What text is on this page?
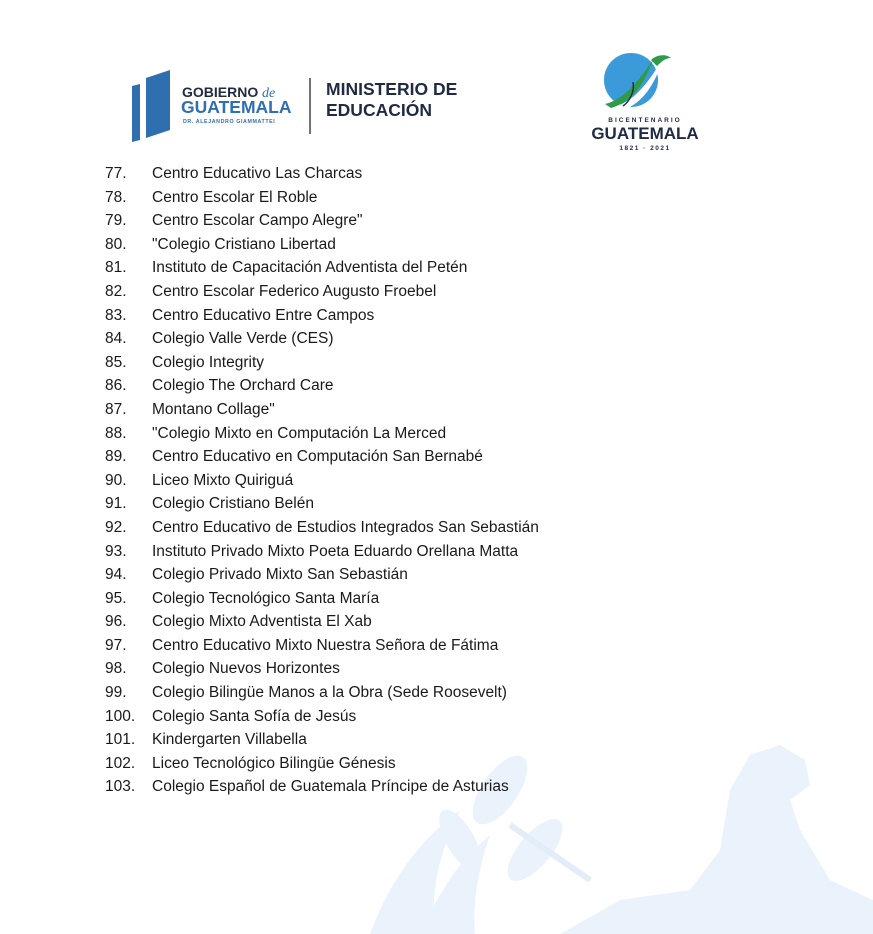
GOBIERNO de
GUATEMALA
DR. ALEJANDRO GIAMMATTEI
MINISTERIO DE
EDUCACIÓN
BICENTENARIO
GUATEMALA
1821 · 2021
77. Centro Educativo Las Charcas
78. Centro Escolar El Roble
79. Centro Escolar Campo Alegre"
80. "Colegio Cristiano Libertad
81. Instituto de Capacitación Adventista del Petén
82. Centro Escolar Federico Augusto Froebel
83. Centro Educativo Entre Campos
84. Colegio Valle Verde (CES)
85. Colegio Integrity
86. Colegio The Orchard Care
87. Montano Collage"
88. "Colegio Mixto en Computación La Merced
89. Centro Educativo en Computación San Bernabé
90. Liceo Mixto Quiriguá
91. Colegio Cristiano Belén
92. Centro Educativo de Estudios Integrados San Sebastián
93. Instituto Privado Mixto Poeta Eduardo Orellana Matta
94. Colegio Privado Mixto San Sebastián
95. Colegio Tecnológico Santa María
96. Colegio Mixto Adventista El Xab
97. Centro Educativo Mixto Nuestra Señora de Fátima
98. Colegio Nuevos Horizontes
99. Colegio Bilingüe Manos a la Obra (Sede Roosevelt)
100. Colegio Santa Sofía de Jesús
101. Kindergarten Villabella
102. Liceo Tecnológico Bilingüe Génesis
103. Colegio Español de Guatemala Príncipe de Asturias
